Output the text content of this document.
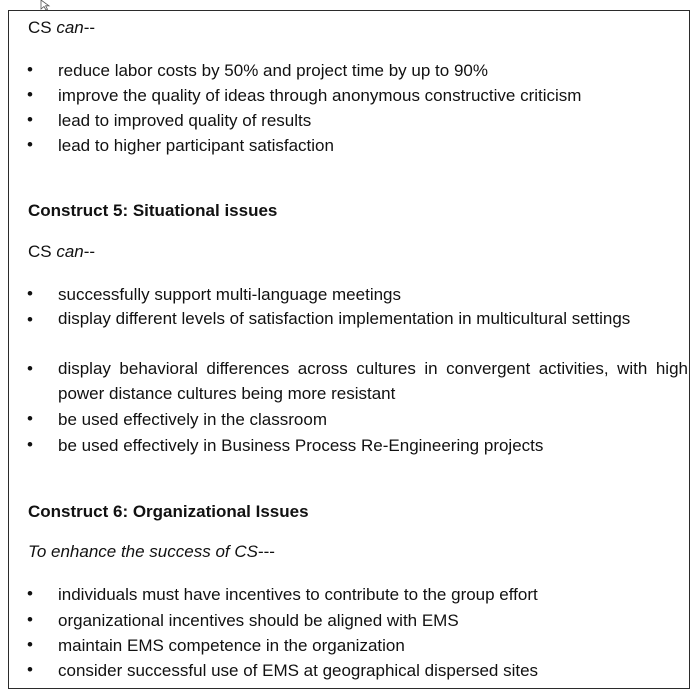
CS can--
• reduce labor costs by 50% and project time by up to 90%
• improve the quality of ideas through anonymous constructive criticism
• lead to improved quality of results
• lead to higher participant satisfaction
Construct 5: Situational issues
CS can--
• successfully support multi-language meetings
• display different levels of satisfaction implementation in multicultural settings
• display behavioral differences across cultures in convergent activities, with high power distance cultures being more resistant
• be used effectively in the classroom
• be used effectively in Business Process Re-Engineering projects
Construct 6: Organizational Issues
To enhance the success of CS---
• individuals must have incentives to contribute to the group effort
• organizational incentives should be aligned with EMS
• maintain EMS competence in the organization
• consider successful use of EMS at geographical dispersed sites
